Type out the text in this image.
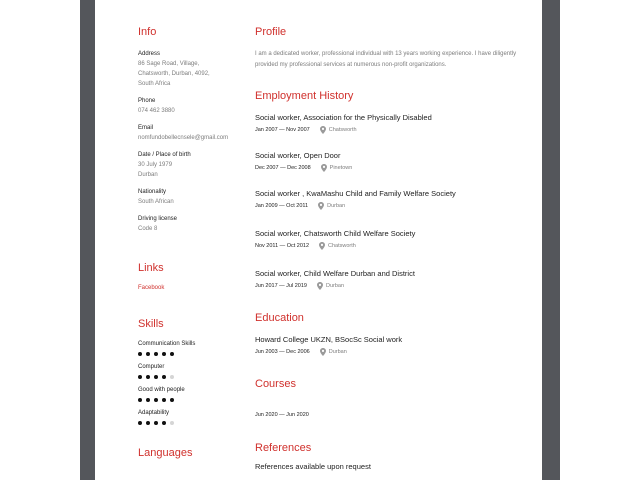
Info
Address
86 Sage Road, Village,
Chatsworth, Durban, 4092,
South Africa
Phone
074 462 3880
Email
nomfundobellecnsele@gmail.com
Date / Place of birth
30 July 1979
Durban
Nationality
South African
Driving license
Code 8
Links
Facebook
Skills
Communication Skills
Computer
Good with people
Adaptability
Languages
Profile
I am a dedicated worker, professional individual with 13 years working experience. I have diligently provided my professional services at numerous non-profit organizations.
Employment History
Social worker, Association for the Physically Disabled
Jan 2007 — Nov 2007	Chatsworth
Social worker, Open Door
Dec 2007 — Dec 2008	Pinetown
Social worker , KwaMashu Child and Family Welfare Society
Jan 2009 — Oct 2011	Durban
Social worker, Chatsworth Child Welfare Society
Nov 2011 — Oct 2012	Chatsworth
Social worker, Child Welfare Durban and District
Jun 2017 — Jul 2019	Durban
Education
Howard College UKZN, BSocSc Social work
Jun 2003 — Dec 2006	Durban
Courses
Jun 2020 — Jun 2020
References
References available upon request
